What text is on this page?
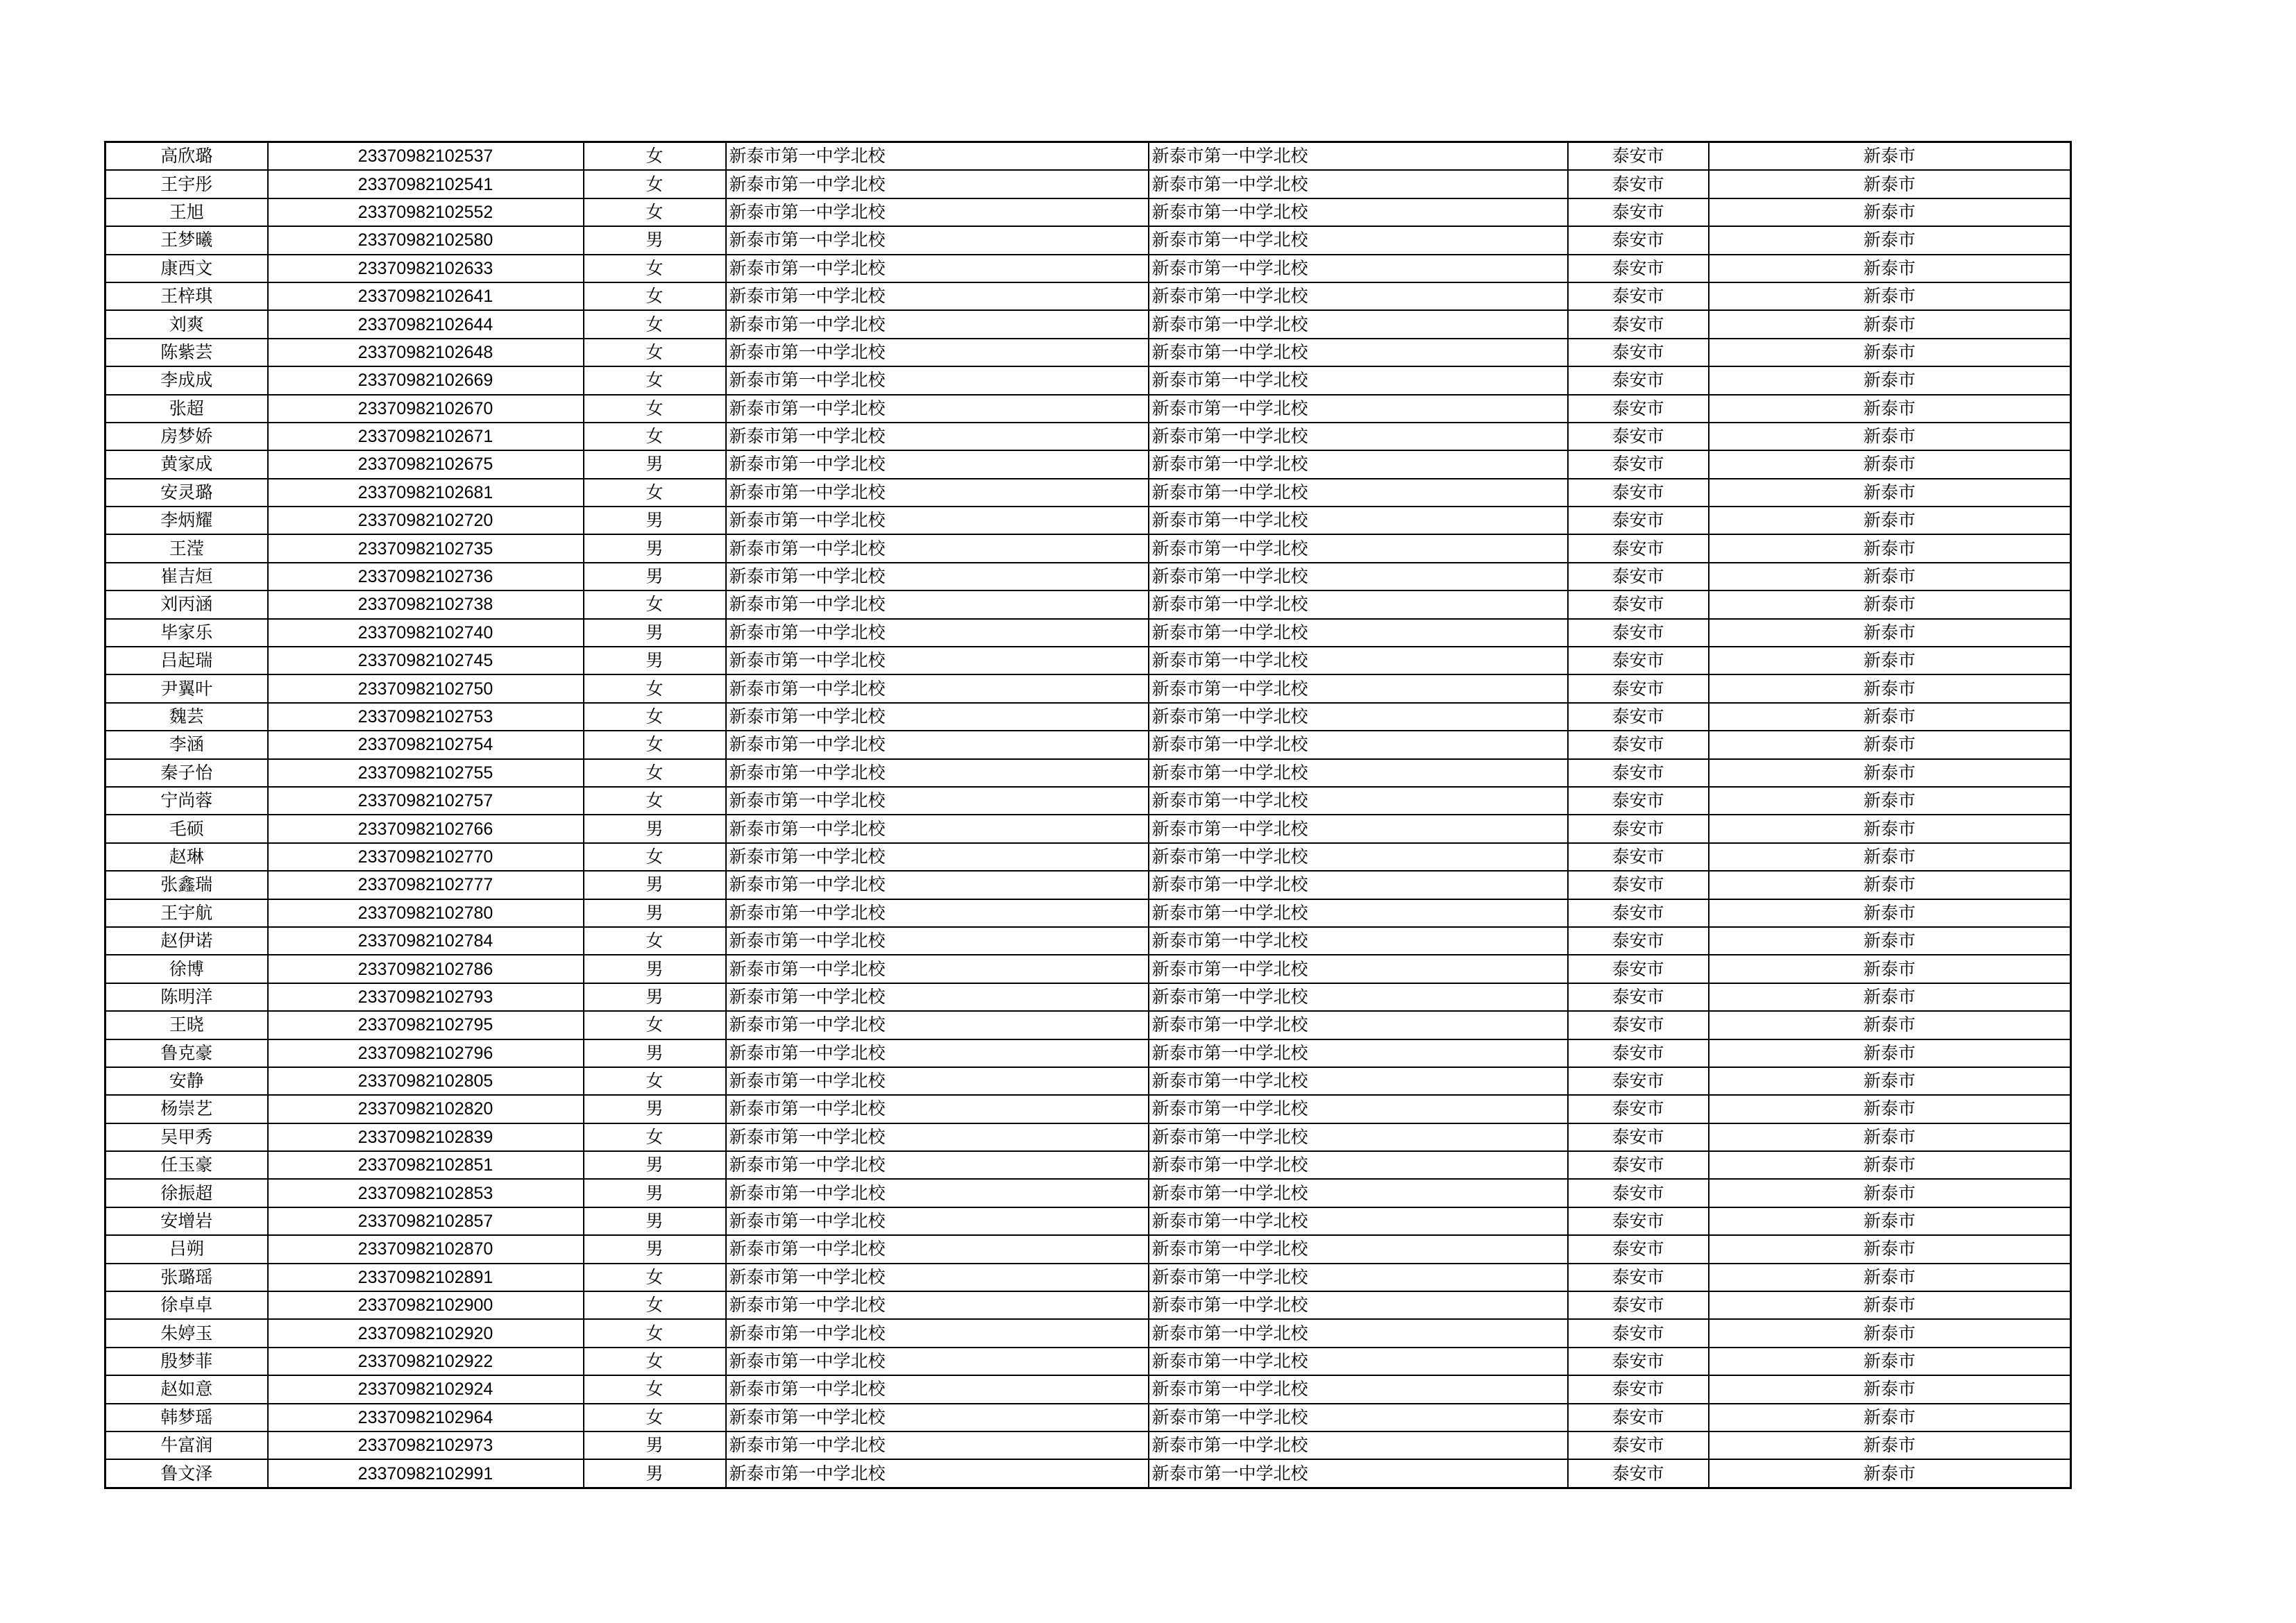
高欣璐	23370982102537	女	新泰市第一中学北校	新泰市第一中学北校	泰安市	新泰市
王宇彤	23370982102541	女	新泰市第一中学北校	新泰市第一中学北校	泰安市	新泰市
王旭	23370982102552	女	新泰市第一中学北校	新泰市第一中学北校	泰安市	新泰市
王梦曦	23370982102580	男	新泰市第一中学北校	新泰市第一中学北校	泰安市	新泰市
康西文	23370982102633	女	新泰市第一中学北校	新泰市第一中学北校	泰安市	新泰市
王梓琪	23370982102641	女	新泰市第一中学北校	新泰市第一中学北校	泰安市	新泰市
刘爽	23370982102644	女	新泰市第一中学北校	新泰市第一中学北校	泰安市	新泰市
陈紫芸	23370982102648	女	新泰市第一中学北校	新泰市第一中学北校	泰安市	新泰市
李成成	23370982102669	女	新泰市第一中学北校	新泰市第一中学北校	泰安市	新泰市
张超	23370982102670	女	新泰市第一中学北校	新泰市第一中学北校	泰安市	新泰市
房梦娇	23370982102671	女	新泰市第一中学北校	新泰市第一中学北校	泰安市	新泰市
黄家成	23370982102675	男	新泰市第一中学北校	新泰市第一中学北校	泰安市	新泰市
安灵璐	23370982102681	女	新泰市第一中学北校	新泰市第一中学北校	泰安市	新泰市
李炳耀	23370982102720	男	新泰市第一中学北校	新泰市第一中学北校	泰安市	新泰市
王滢	23370982102735	男	新泰市第一中学北校	新泰市第一中学北校	泰安市	新泰市
崔吉烜	23370982102736	男	新泰市第一中学北校	新泰市第一中学北校	泰安市	新泰市
刘丙涵	23370982102738	女	新泰市第一中学北校	新泰市第一中学北校	泰安市	新泰市
毕家乐	23370982102740	男	新泰市第一中学北校	新泰市第一中学北校	泰安市	新泰市
吕起瑞	23370982102745	男	新泰市第一中学北校	新泰市第一中学北校	泰安市	新泰市
尹翼叶	23370982102750	女	新泰市第一中学北校	新泰市第一中学北校	泰安市	新泰市
魏芸	23370982102753	女	新泰市第一中学北校	新泰市第一中学北校	泰安市	新泰市
李涵	23370982102754	女	新泰市第一中学北校	新泰市第一中学北校	泰安市	新泰市
秦子怡	23370982102755	女	新泰市第一中学北校	新泰市第一中学北校	泰安市	新泰市
宁尚蓉	23370982102757	女	新泰市第一中学北校	新泰市第一中学北校	泰安市	新泰市
毛硕	23370982102766	男	新泰市第一中学北校	新泰市第一中学北校	泰安市	新泰市
赵琳	23370982102770	女	新泰市第一中学北校	新泰市第一中学北校	泰安市	新泰市
张鑫瑞	23370982102777	男	新泰市第一中学北校	新泰市第一中学北校	泰安市	新泰市
王宇航	23370982102780	男	新泰市第一中学北校	新泰市第一中学北校	泰安市	新泰市
赵伊诺	23370982102784	女	新泰市第一中学北校	新泰市第一中学北校	泰安市	新泰市
徐博	23370982102786	男	新泰市第一中学北校	新泰市第一中学北校	泰安市	新泰市
陈明洋	23370982102793	男	新泰市第一中学北校	新泰市第一中学北校	泰安市	新泰市
王晓	23370982102795	女	新泰市第一中学北校	新泰市第一中学北校	泰安市	新泰市
鲁克豪	23370982102796	男	新泰市第一中学北校	新泰市第一中学北校	泰安市	新泰市
安静	23370982102805	女	新泰市第一中学北校	新泰市第一中学北校	泰安市	新泰市
杨崇艺	23370982102820	男	新泰市第一中学北校	新泰市第一中学北校	泰安市	新泰市
吴甲秀	23370982102839	女	新泰市第一中学北校	新泰市第一中学北校	泰安市	新泰市
任玉豪	23370982102851	男	新泰市第一中学北校	新泰市第一中学北校	泰安市	新泰市
徐振超	23370982102853	男	新泰市第一中学北校	新泰市第一中学北校	泰安市	新泰市
安增岩	23370982102857	男	新泰市第一中学北校	新泰市第一中学北校	泰安市	新泰市
吕朔	23370982102870	男	新泰市第一中学北校	新泰市第一中学北校	泰安市	新泰市
张璐瑶	23370982102891	女	新泰市第一中学北校	新泰市第一中学北校	泰安市	新泰市
徐卓卓	23370982102900	女	新泰市第一中学北校	新泰市第一中学北校	泰安市	新泰市
朱婷玉	23370982102920	女	新泰市第一中学北校	新泰市第一中学北校	泰安市	新泰市
殷梦菲	23370982102922	女	新泰市第一中学北校	新泰市第一中学北校	泰安市	新泰市
赵如意	23370982102924	女	新泰市第一中学北校	新泰市第一中学北校	泰安市	新泰市
韩梦瑶	23370982102964	女	新泰市第一中学北校	新泰市第一中学北校	泰安市	新泰市
牛富润	23370982102973	男	新泰市第一中学北校	新泰市第一中学北校	泰安市	新泰市
鲁文泽	23370982102991	男	新泰市第一中学北校	新泰市第一中学北校	泰安市	新泰市
